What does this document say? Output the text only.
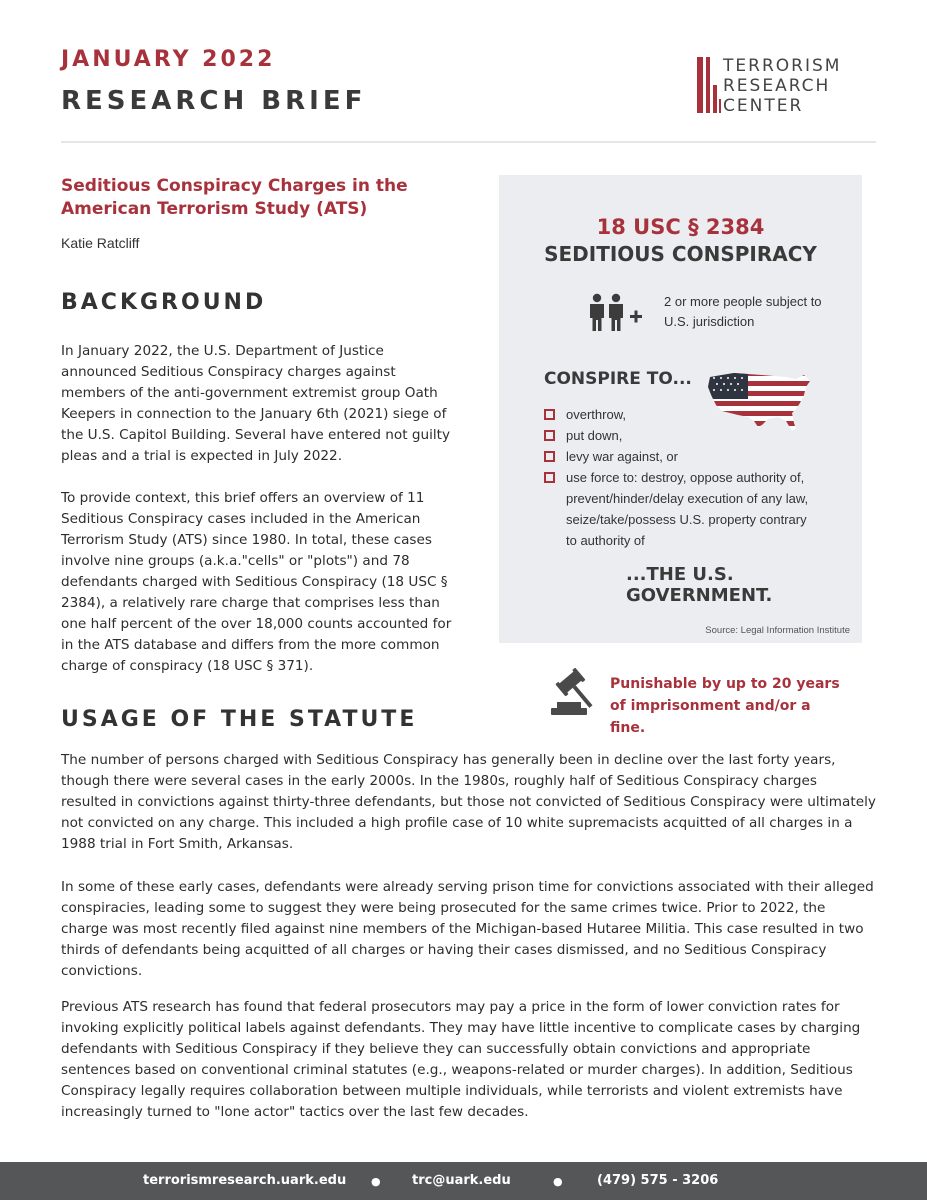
JANUARY 2022
RESEARCH BRIEF
TERRORISM
RESEARCH
CENTER
Seditious Conspiracy Charges in the American Terrorism Study (ATS)
Katie Ratcliff
BACKGROUND
In January 2022, the U.S. Department of Justice announced Seditious Conspiracy charges against members of the anti-government extremist group Oath Keepers in connection to the January 6th (2021) siege of the U.S. Capitol Building. Several have entered not guilty pleas and a trial is expected in July 2022.
To provide context, this brief offers an overview of 11 Seditious Conspiracy cases included in the American Terrorism Study (ATS) since 1980. In total, these cases involve nine groups (a.k.a."cells" or "plots") and 78 defendants charged with Seditious Conspiracy (18 USC § 2384), a relatively rare charge that comprises less than one half percent of the over 18,000 counts accounted for in the ATS database and differs from the more common charge of conspiracy (18 USC § 371).
18 USC § 2384
SEDITIOUS CONSPIRACY
2 or more people subject to U.S. jurisdiction
CONSPIRE TO...
overthrow,
put down,
levy war against, or
use force to: destroy, oppose authority of, prevent/hinder/delay execution of any law, seize/take/possess U.S. property contrary to authority of
...THE U.S. GOVERNMENT.
Source: Legal Information Institute
Punishable by up to 20 years of imprisonment and/or a fine.
USAGE OF THE STATUTE
The number of persons charged with Seditious Conspiracy has generally been in decline over the last forty years, though there were several cases in the early 2000s. In the 1980s, roughly half of Seditious Conspiracy charges resulted in convictions against thirty-three defendants, but those not convicted of Seditious Conspiracy were ultimately not convicted on any charge. This included a high profile case of 10 white supremacists acquitted of all charges in a 1988 trial in Fort Smith, Arkansas.
In some of these early cases, defendants were already serving prison time for convictions associated with their alleged conspiracies, leading some to suggest they were being prosecuted for the same crimes twice. Prior to 2022, the charge was most recently filed against nine members of the Michigan-based Hutaree Militia. This case resulted in two thirds of defendants being acquitted of all charges or having their cases dismissed, and no Seditious Conspiracy convictions.
Previous ATS research has found that federal prosecutors may pay a price in the form of lower conviction rates for invoking explicitly political labels against defendants. They may have little incentive to complicate cases by charging defendants with Seditious Conspiracy if they believe they can successfully obtain convictions and appropriate sentences based on conventional criminal statutes (e.g., weapons-related or murder charges). In addition, Seditious Conspiracy legally requires collaboration between multiple individuals, while terrorists and violent extremists have increasingly turned to "lone actor" tactics over the last few decades.
terrorismresearch.uark.edu ● trc@uark.edu	●	(479) 575 - 3206
